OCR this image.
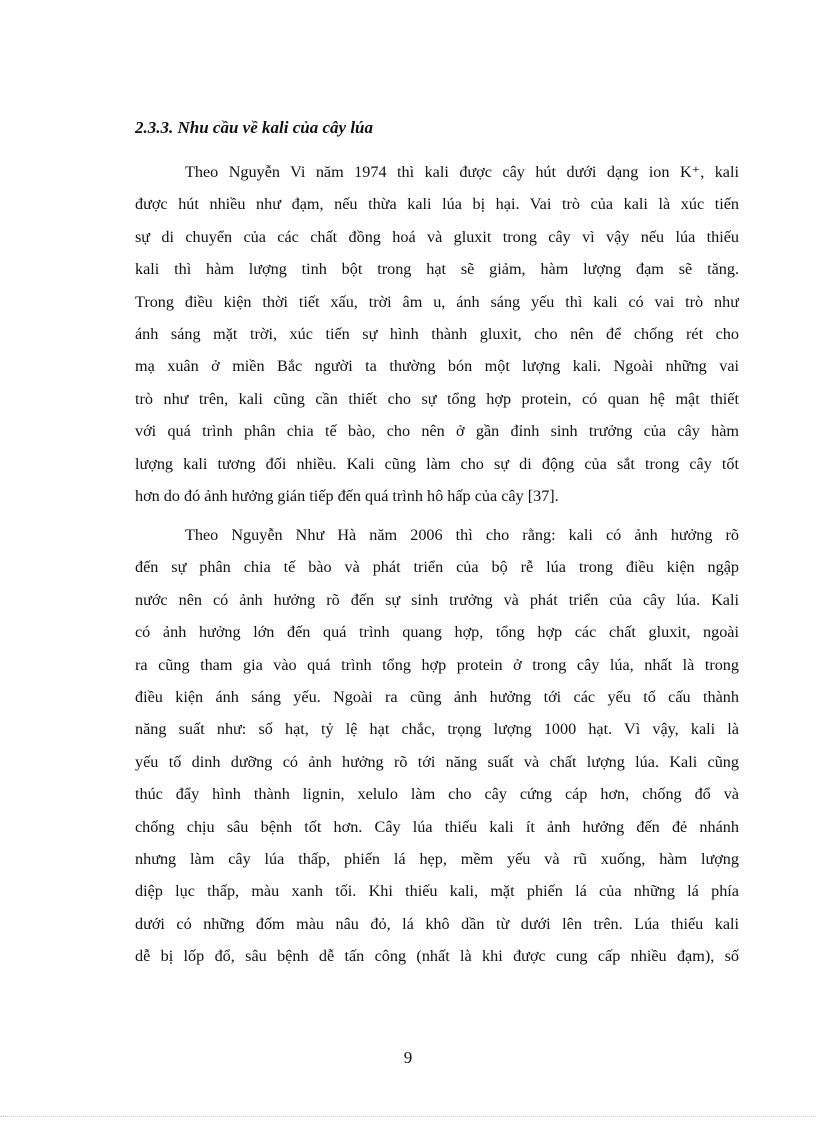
2.3.3. Nhu cầu về kali của cây lúa
Theo Nguyễn Vi năm 1974 thì kali được cây hút dưới dạng ion K⁺, kali
được hút nhiều như đạm, nếu thừa kali lúa bị hại. Vai trò của kali là xúc tiến
sự di chuyển của các chất đồng hoá và gluxit trong cây vì vậy nếu lúa thiếu
kali thì hàm lượng tinh bột trong hạt sẽ giảm, hàm lượng đạm sẽ tăng.
Trong điều kiện thời tiết xấu, trời âm u, ánh sáng yếu thì kali có vai trò như
ánh sáng mặt trời, xúc tiến sự hình thành gluxit, cho nên để chống rét cho
mạ xuân ở miền Bắc người ta thường bón một lượng kali. Ngoài những vai
trò như trên, kali cũng cần thiết cho sự tổng hợp protein, có quan hệ mật thiết
với quá trình phân chia tế bào, cho nên ở gần đỉnh sinh trưởng của cây hàm
lượng kali tương đối nhiều. Kali cũng làm cho sự di động của sắt trong cây tốt
hơn do đó ảnh hưởng gián tiếp đến quá trình hô hấp của cây [37].
Theo Nguyễn Như Hà năm 2006 thì cho rằng: kali có ảnh hưởng rõ
đến sự phân chia tế bào và phát triển của bộ rễ lúa trong điều kiện ngập
nước nên có ảnh hưởng rõ đến sự sinh trưởng và phát triển của cây lúa. Kali
có ảnh hưởng lớn đến quá trình quang hợp, tổng hợp các chất gluxit, ngoài
ra cũng tham gia vào quá trình tổng hợp protein ở trong cây lúa, nhất là trong
điều kiện ánh sáng yếu. Ngoài ra cũng ảnh hưởng tới các yếu tố cấu thành
năng suất như: số hạt, tỷ lệ hạt chắc, trọng lượng 1000 hạt. Vì vậy, kali là
yếu tố dinh dưỡng có ảnh hưởng rõ tới năng suất và chất lượng lúa. Kali cũng
thúc đẩy hình thành lignin, xelulo làm cho cây cứng cáp hơn, chống đổ và
chống chịu sâu bệnh tốt hơn. Cây lúa thiếu kali ít ảnh hưởng đến đẻ nhánh
nhưng làm cây lúa thấp, phiến lá hẹp, mềm yếu và rũ xuống, hàm lượng
diệp lục thấp, màu xanh tối. Khi thiếu kali, mặt phiến lá của những lá phía
dưới có những đốm màu nâu đỏ, lá khô dần từ dưới lên trên. Lúa thiếu kali
dễ bị lốp đổ, sâu bệnh dễ tấn công (nhất là khi được cung cấp nhiều đạm), số
9
